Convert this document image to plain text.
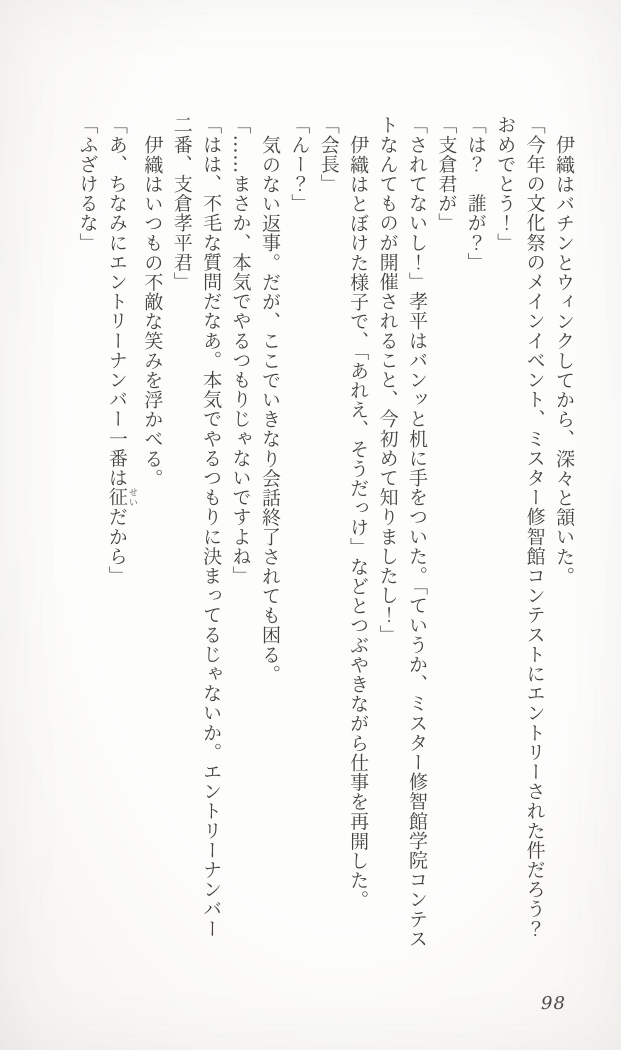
伊織はバチンとウィンクしてから、深々と頷いた。
「今年の文化祭のメインイベント、ミスター修智館コンテストにエントリーされた件だろう？
おめでとう！」
「は？　誰が？」
「支倉君が」
「されてないし！」孝平はバンッと机に手をついた。「ていうか、ミスター修智館学院コンテス
トなんてものが開催されること、今初めて知りましたし！」
伊織はとぼけた様子で、「あれえ、そうだっけ」などとつぶやきながら仕事を再開した。
「会長」
「んー？」
気のない返事。だが、ここでいきなり会話終了されても困る。
「……まさか、本気でやるつもりじゃないですよね」
「はは、不毛な質問だなあ。本気でやるつもりに決まってるじゃないか。エントリーナンバー
二番、支倉孝平君」
伊織はいつもの不敵な笑みを浮かべる。
「あ、ちなみにエントリーナンバー一番は征 せいだから」
「ふざけるな」
98
